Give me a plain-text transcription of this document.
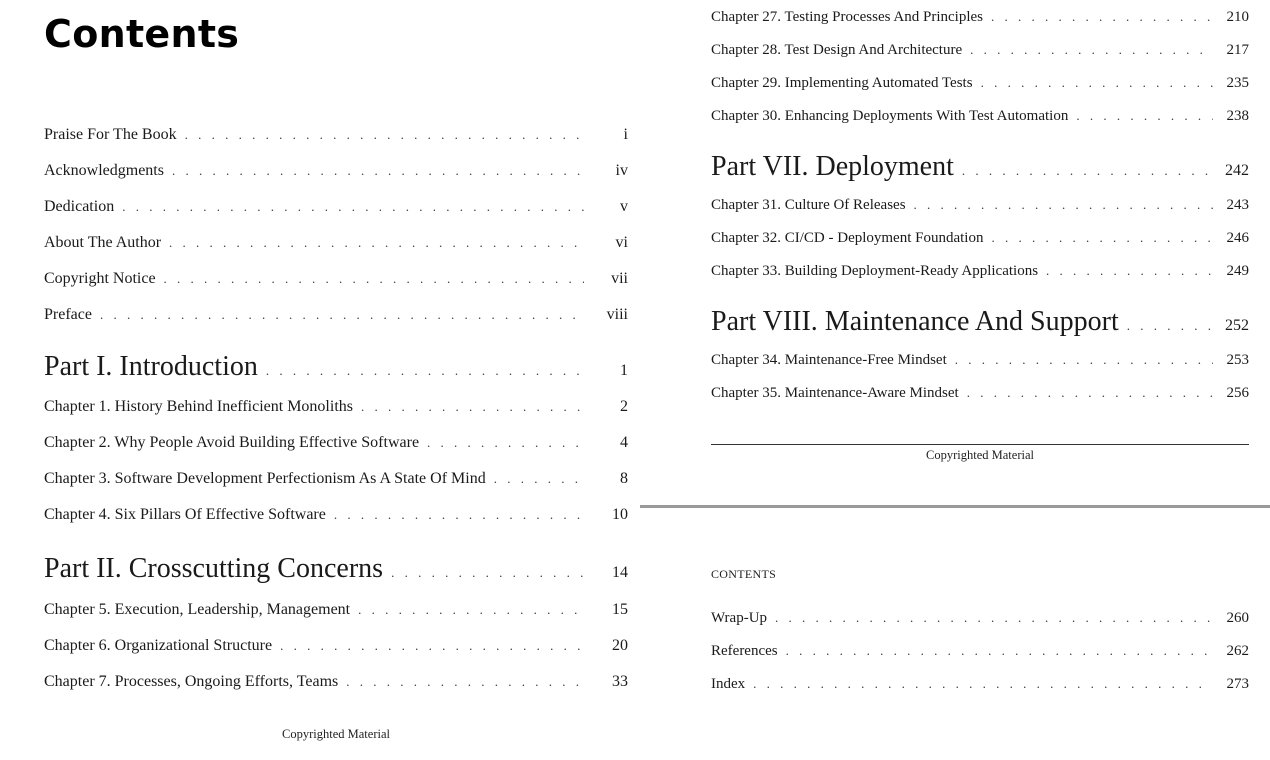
Contents
Praise For The Book . . .	i
Acknowledgments . . .	iv
Dedication . . .	v
About The Author . . .	vi
Copyright Notice . . .	vii
Preface . . .	viii
Part I. Introduction . . .	1
Chapter 1. History Behind Inefficient Monoliths . . .	2
Chapter 2. Why People Avoid Building Effective Software . . .	4
Chapter 3. Software Development Perfectionism As A State Of Mind . . .	8
Chapter 4. Six Pillars Of Effective Software . . .	10
Part II. Crosscutting Concerns . . .	14
Chapter 5. Execution, Leadership, Management . . .	15
Chapter 6. Organizational Structure . . .	20
Chapter 7. Processes, Ongoing Efforts, Teams . . .	33
Copyrighted Material
Chapter 27. Testing Processes And Principles . . .	210
Chapter 28. Test Design And Architecture . . .	217
Chapter 29. Implementing Automated Tests . . .	235
Chapter 30. Enhancing Deployments With Test Automation . . .	238
Part VII. Deployment . . .	242
Chapter 31. Culture Of Releases . . .	243
Chapter 32. CI/CD - Deployment Foundation . . .	246
Chapter 33. Building Deployment-Ready Applications . . .	249
Part VIII. Maintenance And Support . . .	252
Chapter 34. Maintenance-Free Mindset . . .	253
Chapter 35. Maintenance-Aware Mindset . . .	256
Copyrighted Material
CONTENTS
Wrap-Up . . .	260
References . . .	262
Index . . .	273
